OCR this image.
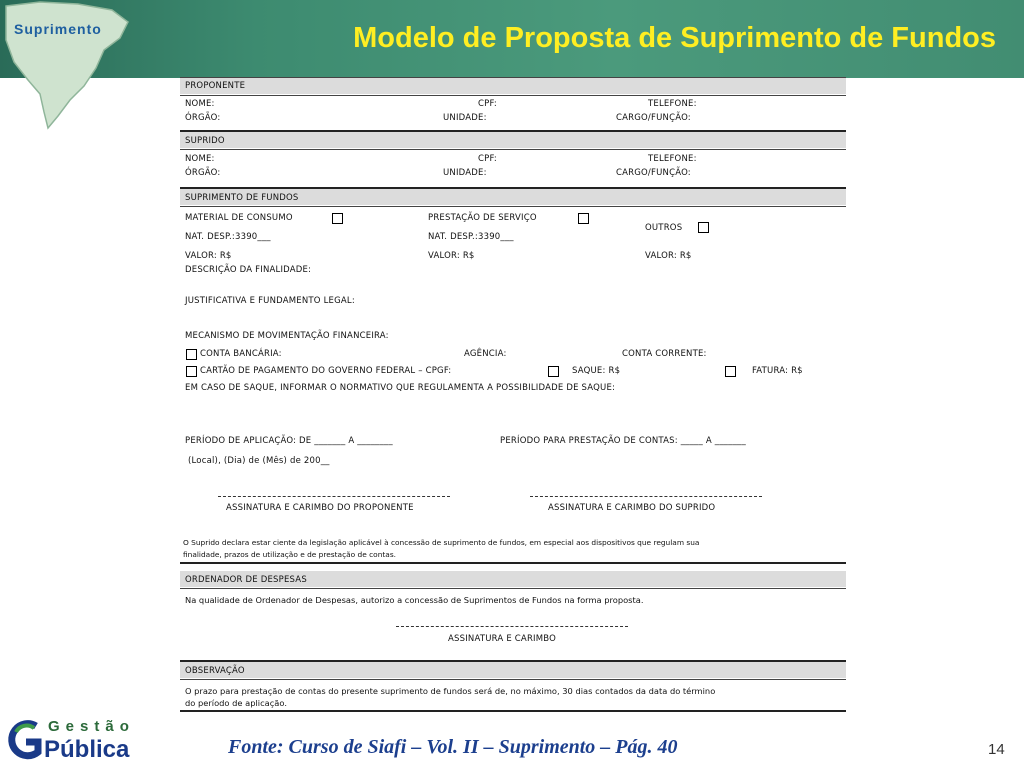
Suprimento	Modelo de Proposta de Suprimento de Fundos
PROPONENTE
NOME:	CPF:	TELEFONE:
ÓRGÃO:	UNIDADE:	CARGO/FUNÇÃO:
SUPRIDO
NOME:	CPF:	TELEFONE:
ÓRGÃO:	UNIDADE:	CARGO/FUNÇÃO:
SUPRIMENTO DE FUNDOS
MATERIAL DE CONSUMO	PRESTAÇÃO DE SERVIÇO
OUTROS
NAT. DESP.:3390___	NAT. DESP.:3390___
VALOR: R$	VALOR: R$	VALOR: R$
DESCRIÇÃO DA FINALIDADE:
JUSTIFICATIVA E FUNDAMENTO LEGAL:
MECANISMO DE MOVIMENTAÇÃO FINANCEIRA:
CONTA BANCÁRIA:	AGÊNCIA:	CONTA CORRENTE:
CARTÃO DE PAGAMENTO DO GOVERNO FEDERAL – CPGF:	SAQUE: R$	FATURA: R$
EM CASO DE SAQUE, INFORMAR O NORMATIVO QUE REGULAMENTA A POSSIBILIDADE DE SAQUE:
PERÍODO DE APLICAÇÃO: DE _______ A ________	PERÍODO PARA PRESTAÇÃO DE CONTAS: _____ A _______
(Local), (Dia) de (Mês) de 200__
ASSINATURA E CARIMBO DO PROPONENTE	ASSINATURA E CARIMBO DO SUPRIDO
O Suprido declara estar ciente da legislação aplicável à concessão de suprimento de fundos, em especial aos dispositivos que regulam sua
finalidade, prazos de utilização e de prestação de contas.
ORDENADOR DE DESPESAS
Na qualidade de Ordenador de Despesas, autorizo a concessão de Suprimentos de Fundos na forma proposta.
ASSINATURA E CARIMBO
OBSERVAÇÃO
O prazo para prestação de contas do presente suprimento de fundos será de, no máximo, 30 dias contados da data do término
do período de aplicação.
Gestão
Pública	Fonte: Curso de Siafi – Vol. II – Suprimento – Pág. 40	14
